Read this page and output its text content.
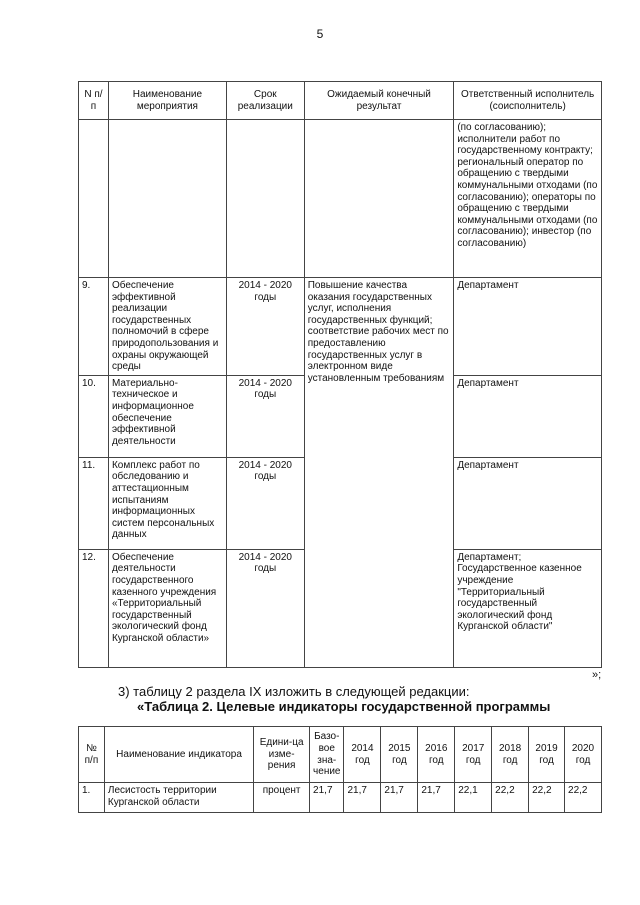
5
N п/п	Наименование мероприятия	Срок реализации	Ожидаемый конечный результат	Ответственный исполнитель (соисполнитель)
				(по согласованию); исполнители работ по государственному контракту; региональный оператор по обращению с твердыми коммунальными отходами (по согласованию); операторы по обращению с твердыми коммунальными отходами (по согласованию); инвестор (по согласованию)
9.	Обеспечение эффективной реализации государственных полномочий в сфере природопользования и охраны окружающей среды	2014 - 2020 годы	Повышение качества оказания государственных услуг, исполнения государственных функций; соответствие рабочих мест по предоставлению государственных услуг в электронном виде установленным требованиям	Департамент
10.	Материально-техническое и информационное обеспечение эффективной деятельности	2014 - 2020 годы		Департамент
11.	Комплекс работ по обследованию и аттестационным испытаниям информационных систем персональных данных	2014 - 2020 годы		Департамент
12.	Обеспечение деятельности государственного казенного учреждения «Территориальный государственный экологический фонд Курганской области»	2014 - 2020 годы		Департамент; Государственное казенное учреждение "Территориальный государственный экологический фонд Курганской области"
»;
3) таблицу 2 раздела IX изложить в следующей редакции:
«Таблица 2. Целевые индикаторы государственной программы
№ п/п	Наименование индикатора	Едини-ца изме-рения	Базо-вое зна-чение	2014 год	2015 год	2016 год	2017 год	2018 год	2019 год	2020 год
1.	Лесистость территории Курганской области	процент	21,7	21,7	21,7	21,7	22,1	22,2	22,2	22,2
